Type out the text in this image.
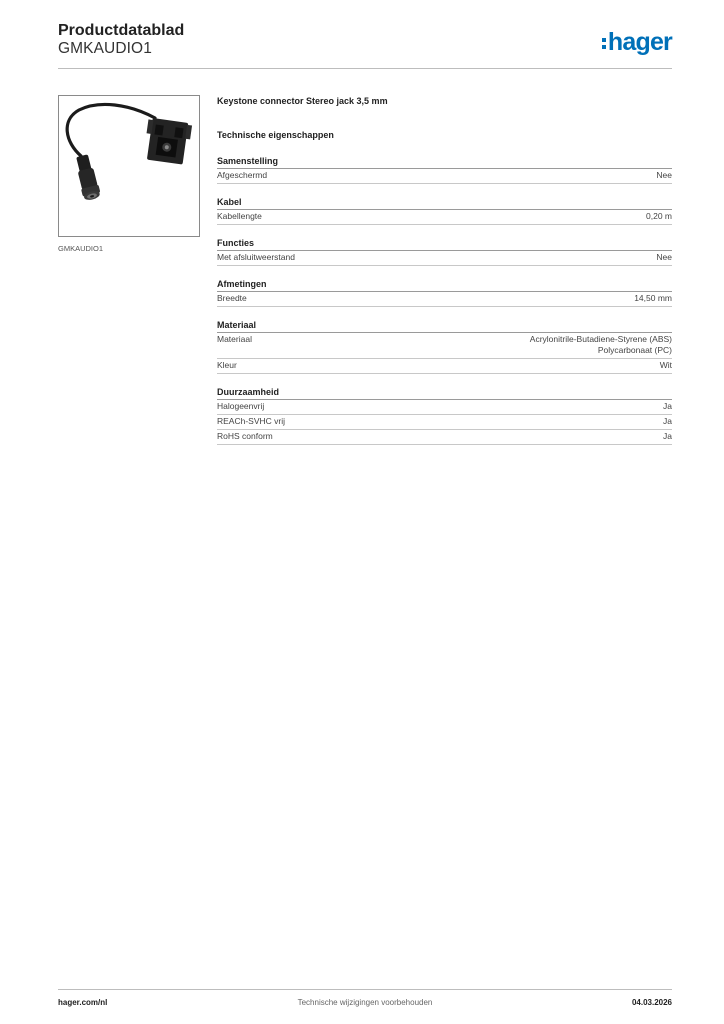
Productdatablad
GMKAUDIO1	hager
GMKAUDIO1
Keystone connector Stereo jack 3,5 mm
Technische eigenschappen
Samenstelling
Afgeschermd	Nee
Kabel
Kabellengte	0,20 m
Functies
Met afsluitweerstand	Nee
Afmetingen
Breedte	14,50 mm
Materiaal
Materiaal	Acrylonitrile-Butadiene-Styrene (ABS)
Polycarbonaat (PC)
Kleur	Wit
Duurzaamheid
Halogeenvrij	Ja
REACh-SVHC vrij	Ja
RoHS conform	Ja
hager.com/nl	Technische wijzigingen voorbehouden	04.03.2026
